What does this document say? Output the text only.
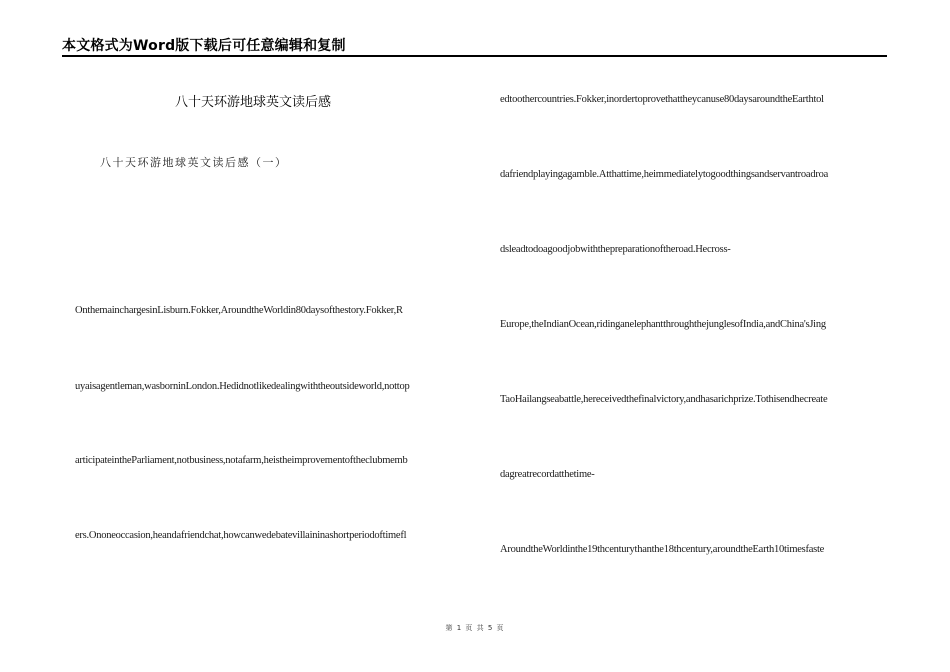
本文格式为Word版下载后可任意编辑和复制
八十天环游地球英文读后感
八十天环游地球英文读后感（一）
OnthemainchargesinLisburn.Fokker,AroundtheWorldin80daysofthestory.Fokker,R
uyaisagentleman,wasborninLondon.Hedidnotlikedealingwiththeoutsideworld,nottop
articipateintheParliament,notbusiness,notafarm,heistheimprovementoftheclubmemb
ers.Ononeoccasion,heandafriendchat,howcanwedebatevillaininashortperiodoftimefl
edtoothercountries.Fokker,inordertoprovethattheycanuse80daysaroundtheEarthtol
dafriendplayingagamble.Atthattime,heimmediatelytogoodthingsandservantroadroa
dsleadtodoagoodjobwiththepreparationoftheroad.Hecross-
Europe,theIndianOcean,ridinganelephantthroughthejunglesofIndia,andChina'sJing
TaoHailangseabattle,hereceivedthefinalvictory,andhasarichprize.Tothisendhecreate
dagreatrecordatthetime-
AroundtheWorldinthe19thcenturythanthe18thcentury,aroundtheEarth10timesfaste
第 1 页 共 5 页
